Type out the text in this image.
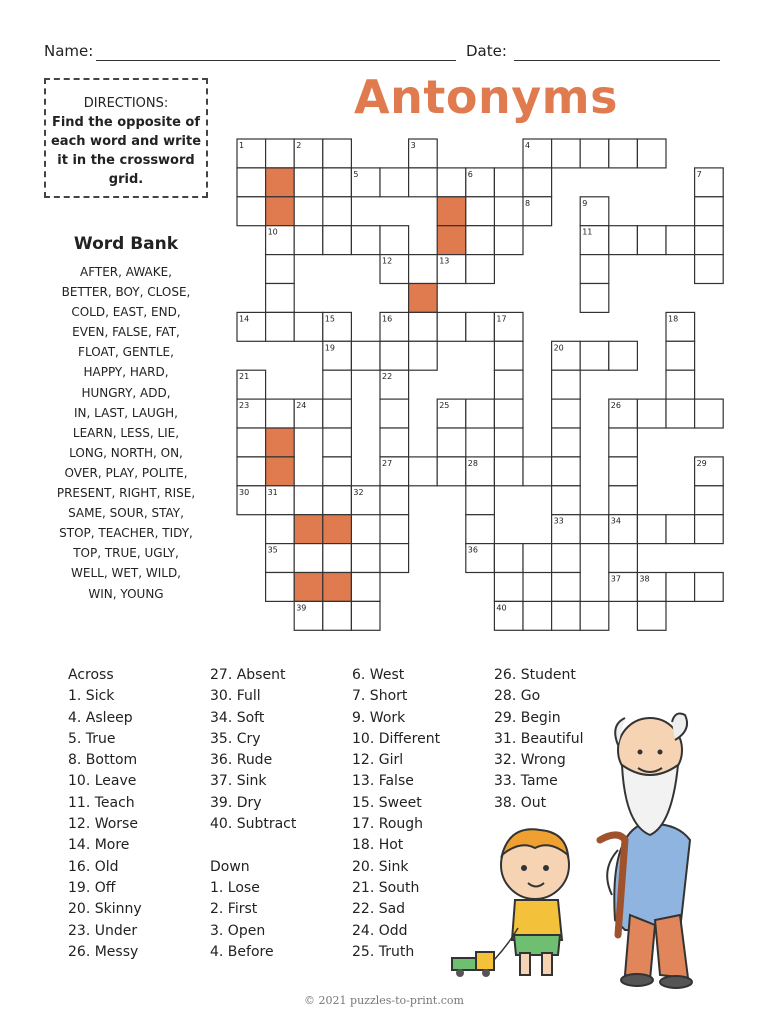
Name:	Date:
Antonyms
DIRECTIONS:
Find the opposite of each word and write it in the crossword grid.
Word Bank
AFTER, AWAKE,
BETTER, BOY, CLOSE,
COLD, EAST, END,
EVEN, FALSE, FAT,
FLOAT, GENTLE,
HAPPY, HARD,
HUNGRY, ADD,
IN, LAST, LAUGH,
LEARN, LESS, LIE,
LONG, NORTH, ON,
OVER, PLAY, POLITE,
PRESENT, RIGHT, RISE,
SAME, SOUR, STAY,
STOP, TEACHER, TIDY,
TOP, TRUE, UGLY,
WELL, WET, WILD,
WIN, YOUNG
1	2	3	4
5	6	7
8	9
10	11
12	13
14	15	16	17	18
19	20
21	22
23	24	25	26
27	28	29
30 31	32
33	34
35	36
37 38
39	40
Across
1. Sick
4. Asleep
5. True
8. Bottom
10. Leave
11. Teach
12. Worse
14. More
16. Old
19. Off
20. Skinny
23. Under
26. Messy
27. Absent
30. Full
34. Soft
35. Cry
36. Rude
37. Sink
39. Dry
40. Subtract

Down
1. Lose
2. First
3. Open
4. Before
6. West
7. Short
9. Work
10. Different
12. Girl
13. False
15. Sweet
17. Rough
18. Hot
20. Sink
21. South
22. Sad
24. Odd
25. Truth
26. Student
28. Go
29. Begin
31. Beautiful
32. Wrong
33. Tame
38. Out
© 2021 puzzles-to-print.com
